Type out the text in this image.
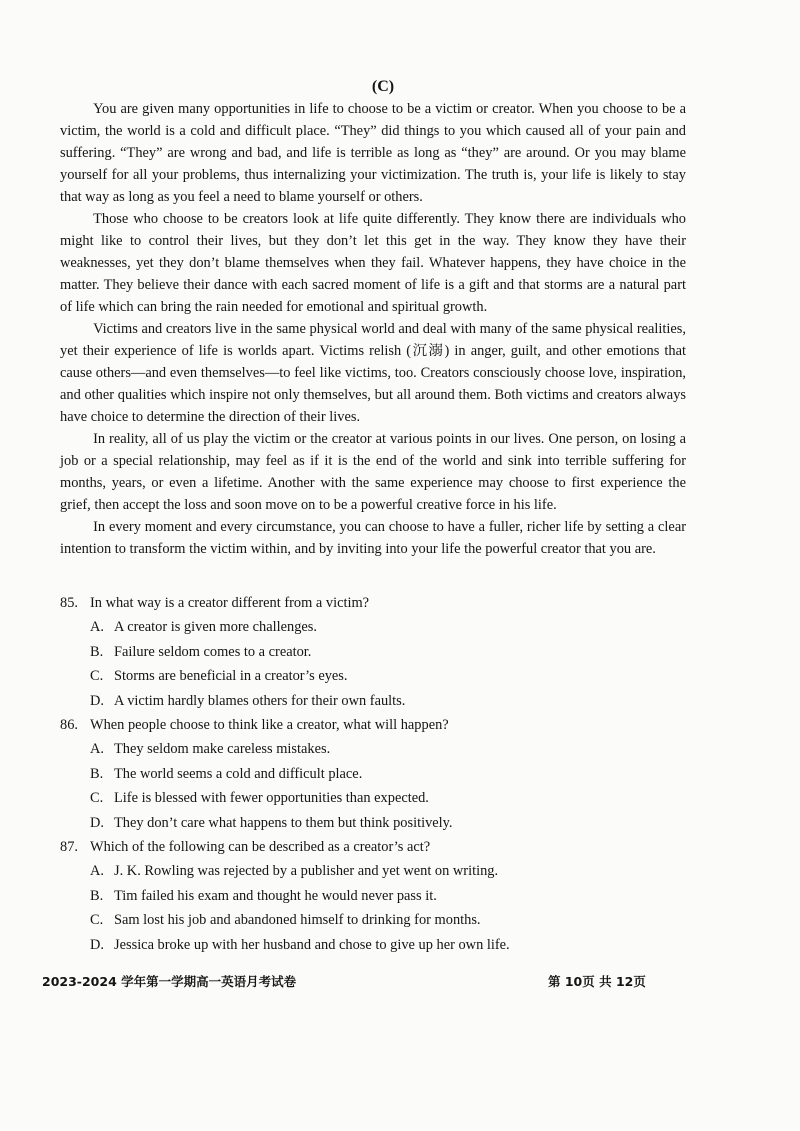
(C)

You are given many opportunities in life to choose to be a victim or creator. When you choose to be a victim, the world is a cold and difficult place. “They” did things to you which caused all of your pain and suffering. “They” are wrong and bad, and life is terrible as long as “they” are around. Or you may blame yourself for all your problems, thus internalizing your victimization. The truth is, your life is likely to stay that way as long as you feel a need to blame yourself or others.

Those who choose to be creators look at life quite differently. They know there are individuals who might like to control their lives, but they don’t let this get in the way. They know they have their weaknesses, yet they don’t blame themselves when they fail. Whatever happens, they have choice in the matter. They believe their dance with each sacred moment of life is a gift and that storms are a natural part of life which can bring the rain needed for emotional and spiritual growth.

Victims and creators live in the same physical world and deal with many of the same physical realities, yet their experience of life is worlds apart. Victims relish (沉溺) in anger, guilt, and other emotions that cause others—and even themselves—to feel like victims, too. Creators consciously choose love, inspiration, and other qualities which inspire not only themselves, but all around them. Both victims and creators always have choice to determine the direction of their lives.

In reality, all of us play the victim or the creator at various points in our lives. One person, on losing a job or a special relationship, may feel as if it is the end of the world and sink into terrible suffering for months, years, or even a lifetime. Another with the same experience may choose to first experience the grief, then accept the loss and soon move on to be a powerful creative force in his life.

In every moment and every circumstance, you can choose to have a fuller, richer life by setting a clear intention to transform the victim within, and by inviting into your life the powerful creator that you are.

85. In what way is a creator different from a victim?
A. A creator is given more challenges.
B. Failure seldom comes to a creator.
C. Storms are beneficial in a creator’s eyes.
D. A victim hardly blames others for their own faults.
86. When people choose to think like a creator, what will happen?
A. They seldom make careless mistakes.
B. The world seems a cold and difficult place.
C. Life is blessed with fewer opportunities than expected.
D. They don’t care what happens to them but think positively.
87. Which of the following can be described as a creator’s act?
A. J. K. Rowling was rejected by a publisher and yet went on writing.
B. Tim failed his exam and thought he would never pass it.
C. Sam lost his job and abandoned himself to drinking for months.
D. Jessica broke up with her husband and chose to give up her own life.
2023-2024 学年第一学期高一英语月考试卷	第 10页 共 12页
